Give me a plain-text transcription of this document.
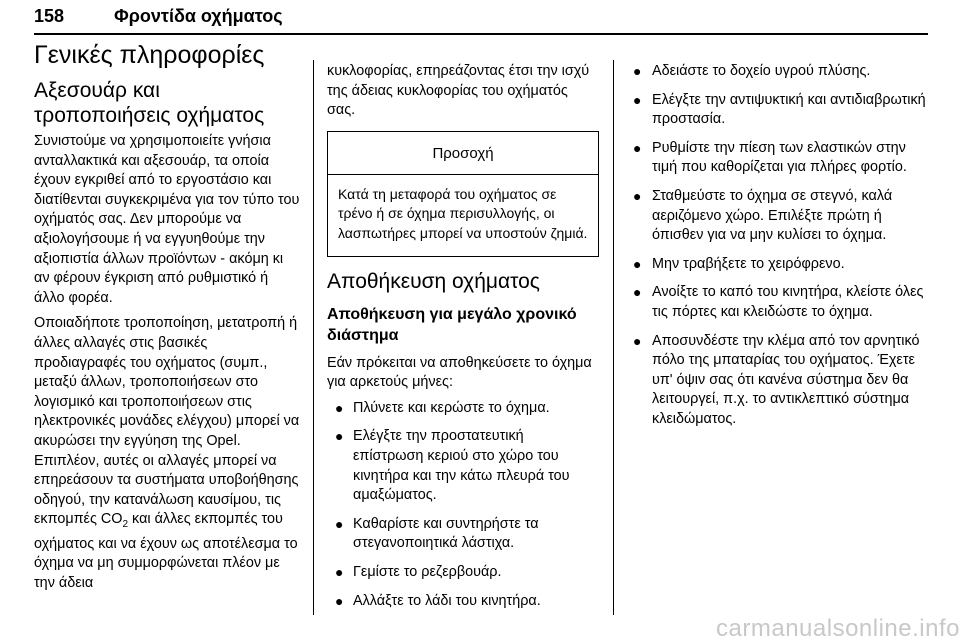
158	Φροντίδα οχήματος
Γενικές πληροφορίες
Αξεσουάρ και τροποποιήσεις οχήματος

Συνιστούμε να χρησιμοποιείτε γνήσια ανταλλακτικά και αξεσουάρ, τα οποία έχουν εγκριθεί από το εργοστάσιο και διατίθενται συγκεκριμένα για τον τύπο του οχήματός σας. Δεν μπορούμε να αξιολογήσουμε ή να εγγυηθούμε την αξιοπιστία άλλων προϊόντων - ακόμη κι αν φέρουν έγκριση από ρυθμιστικό ή άλλο φορέα.

Οποιαδήποτε τροποποίηση, μετατροπή ή άλλες αλλαγές στις βασικές προδιαγραφές του οχήματος (συμπ., μεταξύ άλλων, τροποποιήσεων στο λογισμικό και τροποποιήσεων στις ηλεκτρονικές μονάδες ελέγχου) μπορεί να ακυρώσει την εγγύηση της Opel. Επιπλέον, αυτές οι αλλαγές μπορεί να επηρεάσουν τα συστήματα υποβοήθησης οδηγού, την κατανάλωση καυσίμου, τις εκπομπές $CO_2$ και άλλες εκπομπές του οχήματος και να έχουν ως αποτέλεσμα το όχημα να μη συμμορφώνεται πλέον με την άδεια

κυκλοφορίας, επηρεάζοντας έτσι την ισχύ της άδειας κυκλοφορίας του οχήματός σας.

Προσοχή
Κατά τη μεταφορά του οχήματος σε τρένο ή σε όχημα περισυλλογής, οι λασπωτήρες μπορεί να υποστούν ζημιά.
Αποθήκευση οχήματος
Αποθήκευση για μεγάλο χρονικό διάστημα

Εάν πρόκειται να αποθηκεύσετε το όχημα για αρκετούς μήνες:

● Πλύνετε και κερώστε το όχημα.
● Ελέγξτε την προστατευτική επίστρωση κεριού στο χώρο του κινητήρα και την κάτω πλευρά του αμαξώματος.
● Καθαρίστε και συντηρήστε τα στεγανοποιητικά λάστιχα.
● Γεμίστε το ρεζερβουάρ.
● Αλλάξτε το λάδι του κινητήρα.
● Αδειάστε το δοχείο υγρού πλύσης.
● Ελέγξτε την αντιψυκτική και αντιδιαβρωτική προστασία.
● Ρυθμίστε την πίεση των ελαστικών στην τιμή που καθορίζεται για πλήρες φορτίο.
● Σταθμεύστε το όχημα σε στεγνό, καλά αεριζόμενο χώρο. Επιλέξτε πρώτη ή όπισθεν για να μην κυλίσει το όχημα.
● Μην τραβήξετε το χειρόφρενο.
● Ανοίξτε το καπό του κινητήρα, κλείστε όλες τις πόρτες και κλειδώστε το όχημα.
● Αποσυνδέστε την κλέμα από τον αρνητικό πόλο της μπαταρίας του οχήματος. Έχετε υπ' όψιν σας ότι κανένα σύστημα δεν θα λειτουργεί, π.χ. το αντικλεπτικό σύστημα κλειδώματος.
carmanualsonline.info
